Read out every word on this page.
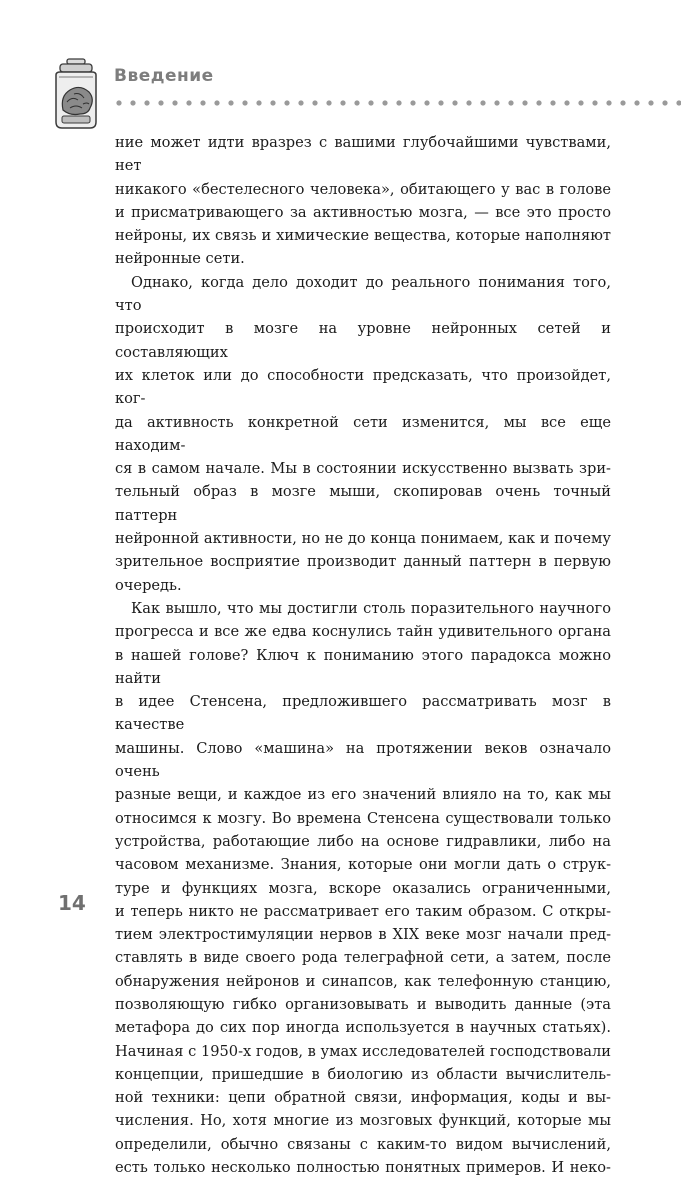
Введение

ние может идти вразрез с вашими глубочайшими чувствами, нет
никакого «бестелесного человека», обитающего у вас в голове
и присматривающего за активностью мозга, — все это просто
нейроны, их связь и химические вещества, которые наполняют
нейронные сети.

Однако, когда дело доходит до реального понимания того, что
происходит в мозге на уровне нейронных сетей и составляющих
их клеток или до способности предсказать, что произойдет, ког-
да активность конкретной сети изменится, мы все еще находим-
ся в самом начале. Мы в состоянии искусственно вызвать зри-
тельный образ в мозге мыши, скопировав очень точный паттерн
нейронной активности, но не до конца понимаем, как и почему
зрительное восприятие производит данный паттерн в первую
очередь.

Как вышло, что мы достигли столь поразительного научного
прогресса и все же едва коснулись тайн удивительного органа
в нашей голове? Ключ к пониманию этого парадокса можно найти
в идее Стенсена, предложившего рассматривать мозг в качестве
машины. Слово «машина» на протяжении веков означало очень
разные вещи, и каждое из его значений влияло на то, как мы
относимся к мозгу. Во времена Стенсена существовали только
устройства, работающие либо на основе гидравлики, либо на
часовом механизме. Знания, которые они могли дать о струк-
туре и функциях мозга, вскоре оказались ограниченными,
и теперь никто не рассматривает его таким образом. С откры-
тием электростимуляции нервов в XIX веке мозг начали пред-
ставлять в виде своего рода телеграфной сети, а затем, после
обнаружения нейронов и синапсов, как телефонную станцию,
позволяющую гибко организовывать и выводить данные (эта
метафора до сих пор иногда используется в научных статьях).
Начиная с 1950-х годов, в умах исследователей господствовали
концепции, пришедшие в биологию из области вычислитель-
ной техники: цепи обратной связи, информация, коды и вы-
числения. Но, хотя многие из мозговых функций, которые мы
определили, обычно связаны с каким-то видом вычислений,
есть только несколько полностью понятных примеров. И неко-

14
